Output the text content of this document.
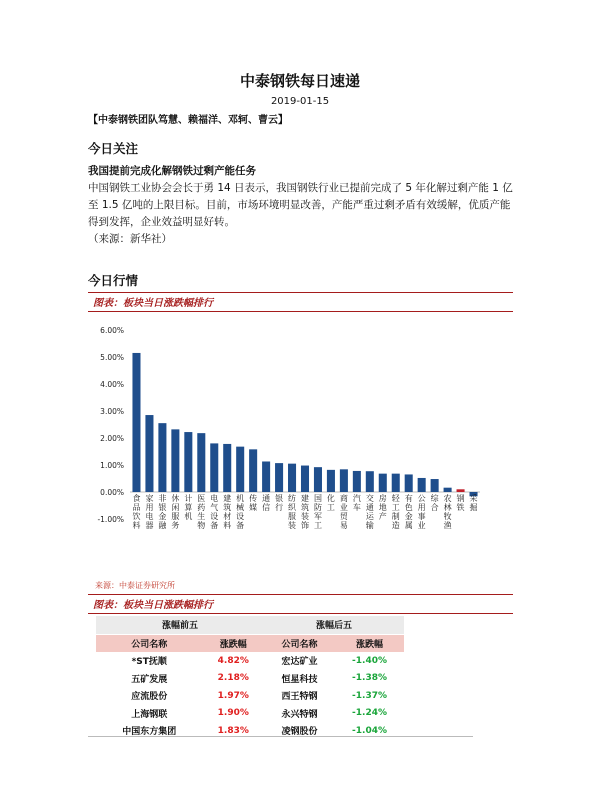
中泰钢铁每日速递
2019-01-15
【中泰钢铁团队笃慧、赖福洋、邓轲、曹云】
今日关注
我国提前完成化解钢铁过剩产能任务

中国钢铁工业协会会长于勇 14 日表示，我国钢铁行业已提前完成了 5 年化解过剩产能 1 亿至 1.5 亿吨的上限目标。目前，市场环境明显改善，产能严重过剩矛盾有效缓解，优质产能得到发挥，企业效益明显好转。

（来源：新华社）

今日行情
图表：板块当日涨跌幅排行
6.00%
5.00%
4.00%
3.00%
2.00%
1.00%
0.00%
-1.00%
食品饮料
家用电器
非银金融
休闲服务
计算机
医药生物
电气设备
建筑材料
机械设备
传媒
通信
银行
纺织服装
建筑装饰
国防军工
化工
商业贸易
汽车
交通运输
房地产
轻工制造
有色金属
公用事业
综合
农林牧渔
钢铁
采掘
来源：中泰证券研究所
图表：板块当日涨跌幅排行
涨幅前五		涨幅后五	
公司名称	涨跌幅	公司名称	涨跌幅
*ST抚顺	4.82%	宏达矿业	-1.40%
五矿发展	2.18%	恒星科技	-1.38%
应流股份	1.97%	西王特钢	-1.37%
上海钢联	1.90%	永兴特钢	-1.24%
中国东方集团	1.83%	凌钢股份	-1.04%
